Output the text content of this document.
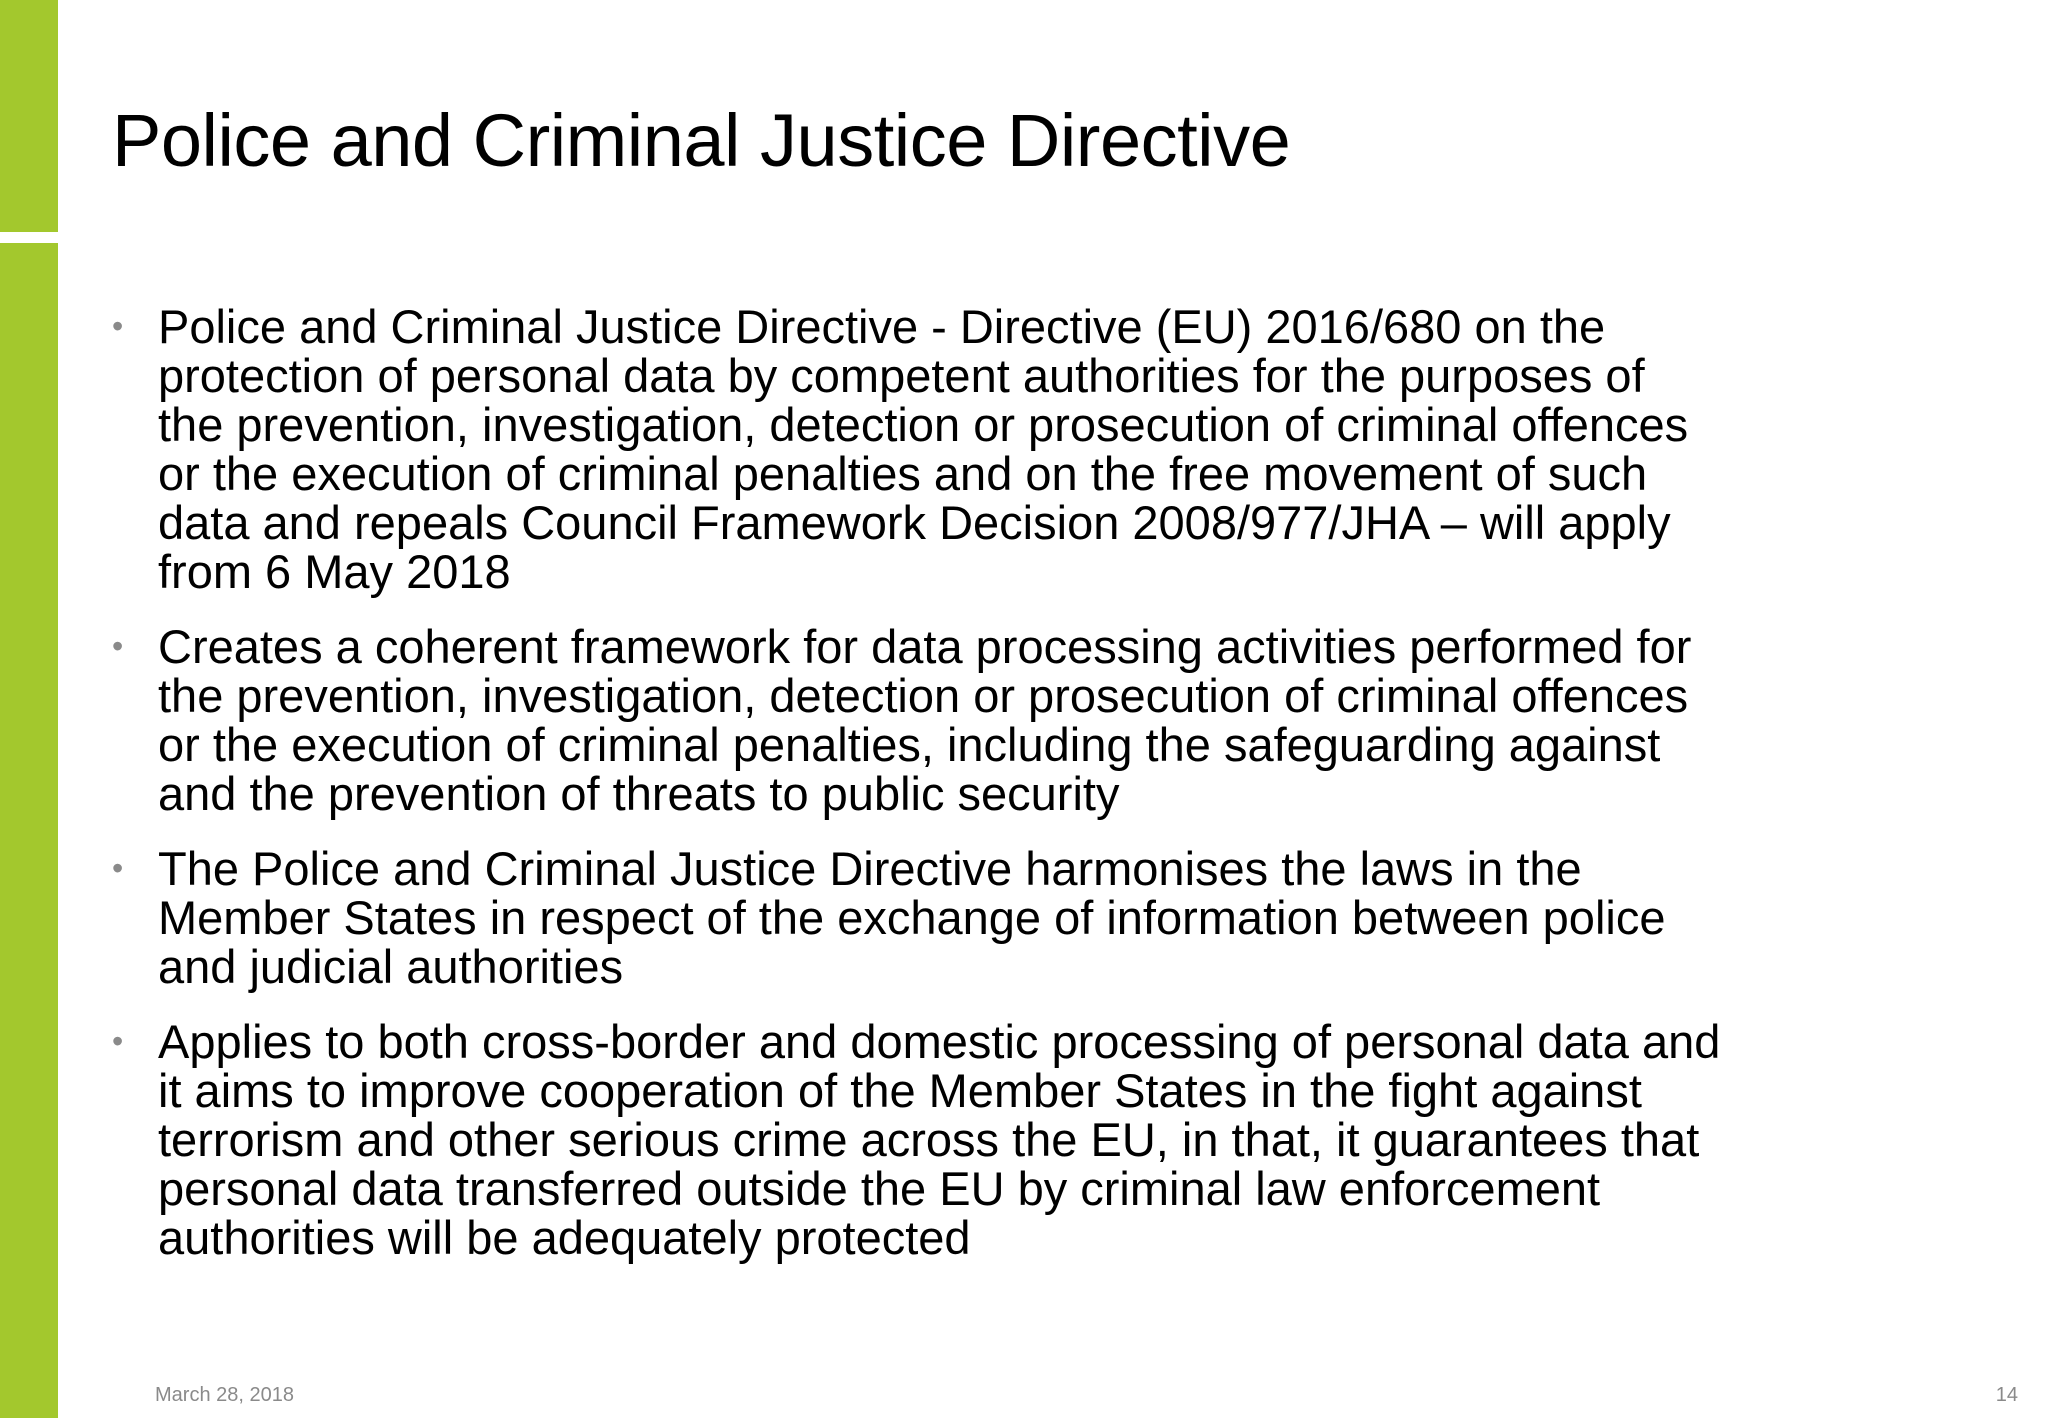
Police and Criminal Justice Directive
• Police and Criminal Justice Directive - Directive (EU) 2016/680 on the
protection of personal data by competent authorities for the purposes of
the prevention, investigation, detection or prosecution of criminal offences
or the execution of criminal penalties and on the free movement of such
data and repeals Council Framework Decision 2008/977/JHA – will apply
from 6 May 2018
• Creates a coherent framework for data processing activities performed for
the prevention, investigation, detection or prosecution of criminal offences
or the execution of criminal penalties, including the safeguarding against
and the prevention of threats to public security
• The Police and Criminal Justice Directive harmonises the laws in the
Member States in respect of the exchange of information between police
and judicial authorities
• Applies to both cross-border and domestic processing of personal data and
it aims to improve cooperation of the Member States in the fight against
terrorism and other serious crime across the EU, in that, it guarantees that
personal data transferred outside the EU by criminal law enforcement
authorities will be adequately protected
March 28, 2018	14
